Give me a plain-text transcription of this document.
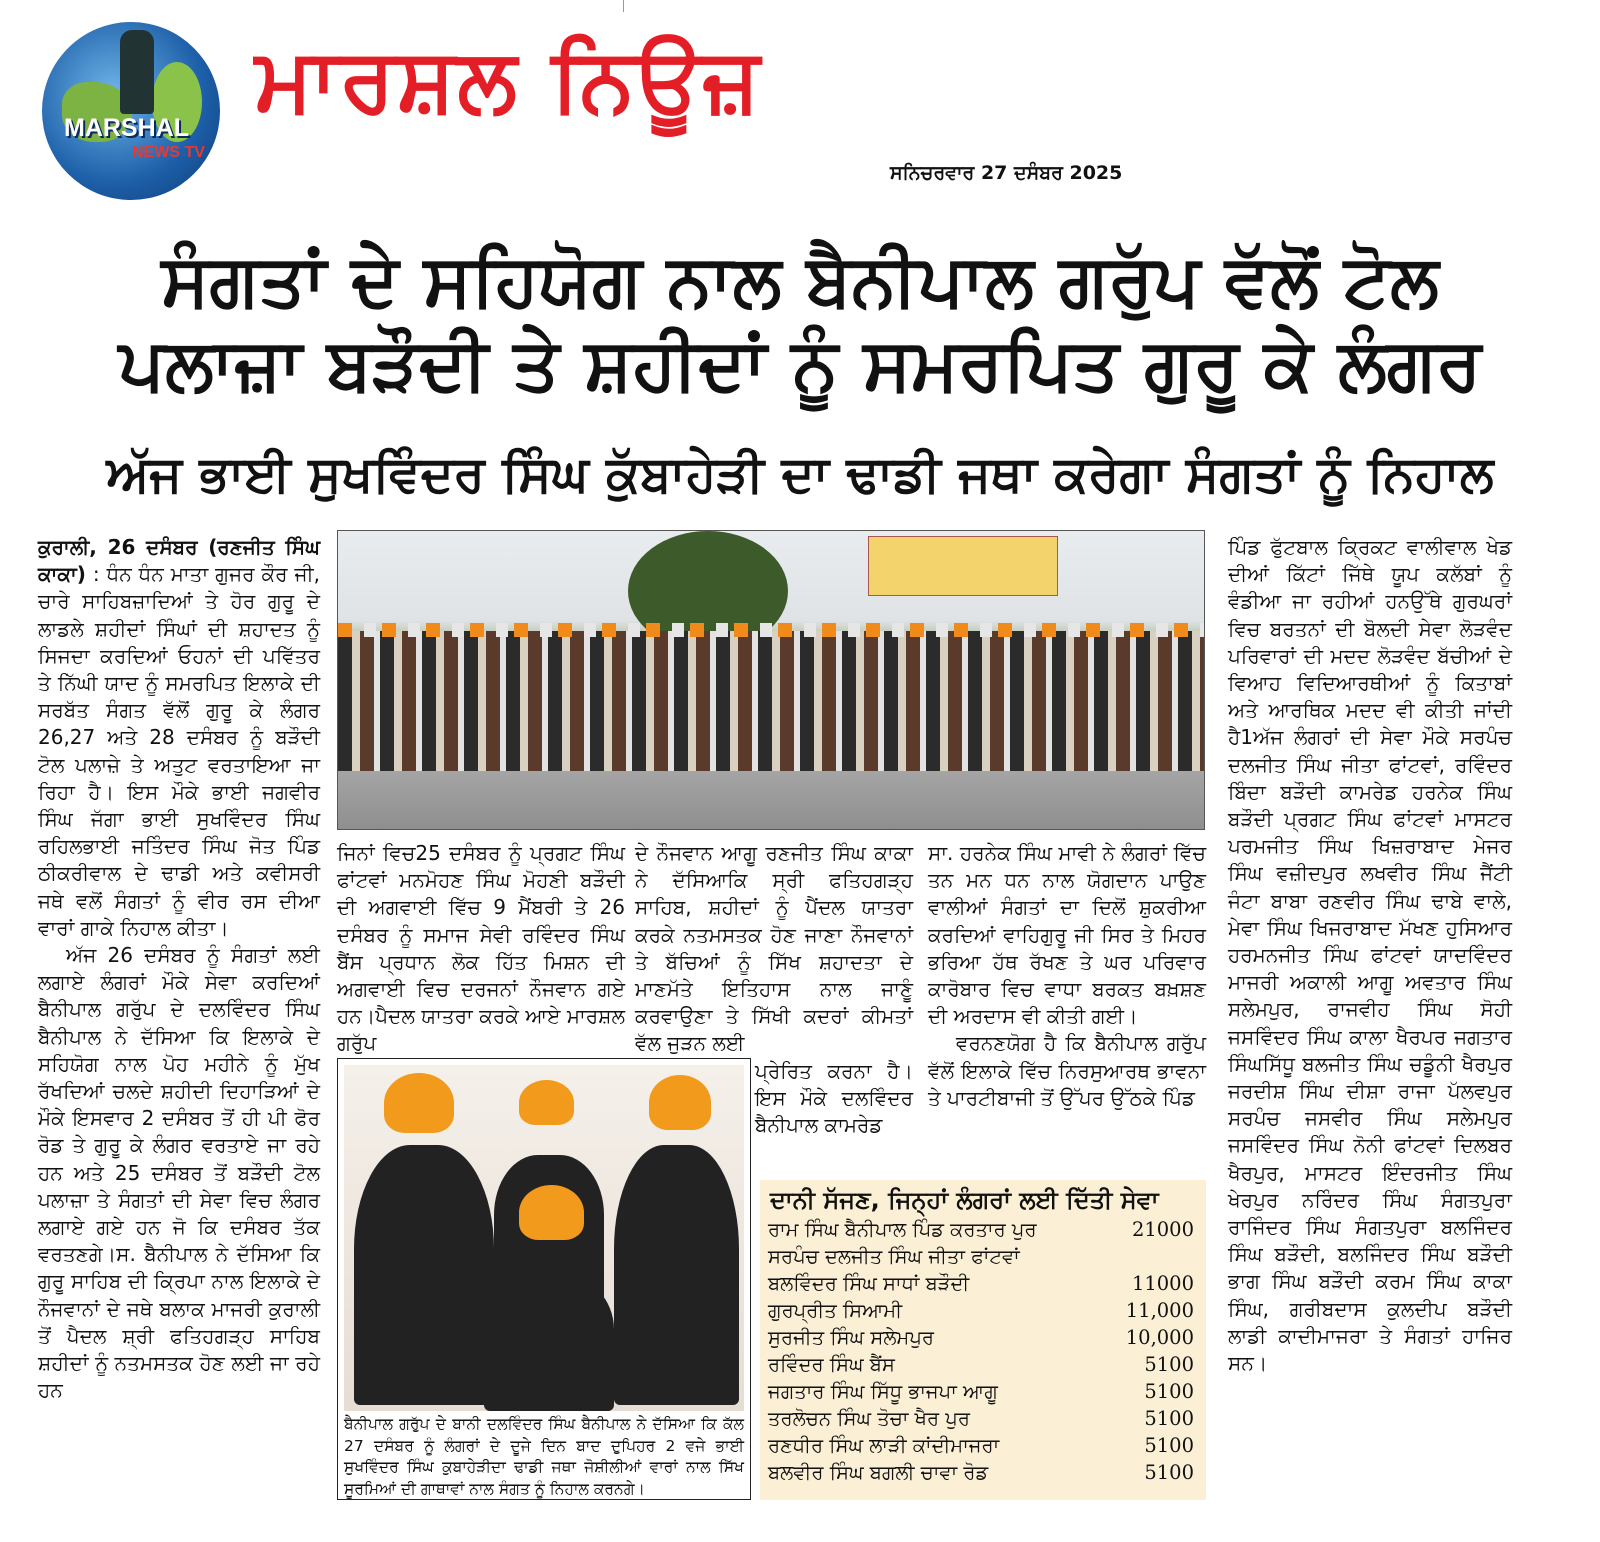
MARSHAL
NEWS TV
ਮਾਰਸ਼ਲ ਨਿਊਜ਼
ਸਨਿਚਰਵਾਰ 27 ਦਸੰਬਰ 2025
ਸੰਗਤਾਂ ਦੇ ਸਹਿਯੋਗ ਨਾਲ ਬੈਨੀਪਾਲ ਗਰੁੱਪ ਵੱਲੋਂ ਟੋਲ
ਪਲਾਜ਼ਾ ਬੜੌਦੀ ਤੇ ਸ਼ਹੀਦਾਂ ਨੂੰ ਸਮਰਪਿਤ ਗੁਰੂ ਕੇ ਲੰਗਰ
ਅੱਜ ਭਾਈ ਸੁਖਵਿੰਦਰ ਸਿੰਘ ਕੁੱਬਾਹੇੜੀ ਦਾ ਢਾਡੀ ਜਥਾ ਕਰੇਗਾ ਸੰਗਤਾਂ ਨੂੰ ਨਿਹਾਲ

ਕੁਰਾਲੀ, 26 ਦਸੰਬਰ (ਰਣਜੀਤ ਸਿੰਘ ਕਾਕਾ) : ਧੰਨ ਧੰਨ ਮਾਤਾ ਗੁਜਰ ਕੌਰ ਜੀ, ਚਾਰੇ ਸਾਹਿਬਜ਼ਾਦਿਆਂ ਤੇ ਹੋਰ ਗੁਰੂ ਦੇ ਲਾਡਲੇ ਸ਼ਹੀਦਾਂ ਸਿੰਘਾਂ ਦੀ ਸ਼ਹਾਦਤ ਨੂੰ ਸਿਜਦਾ ਕਰਦਿਆਂ ਓਹਨਾਂ ਦੀ ਪਵਿੱਤਰ ਤੇ ਨਿੱਘੀ ਯਾਦ ਨੂੰ ਸਮਰਪਿਤ ਇਲਾਕੇ ਦੀ ਸਰਬੱਤ ਸੰਗਤ ਵੱਲੋਂ ਗੁਰੂ ਕੇ ਲੰਗਰ 26,27 ਅਤੇ 28 ਦਸੰਬਰ ਨੂੰ ਬੜੌਦੀ ਟੋਲ ਪਲਾਜ਼ੇ ਤੇ ਅਤੁਟ ਵਰਤਾਇਆ ਜਾ ਰਿਹਾ ਹੈ। ਇਸ ਮੌਕੇ ਭਾਈ ਜਗਵੀਰ ਸਿੰਘ ਜੱਗਾ ਭਾਈ ਸੁਖਵਿੰਦਰ ਸਿੰਘ ਰਹਿਲਭਾਈ ਜਤਿੰਦਰ ਸਿੰਘ ਜੋਤ ਪਿੰਡ ਠੀਕਰੀਵਾਲ ਦੇ ਢਾਡੀ ਅਤੇ ਕਵੀਸਰੀ ਜਥੇ ਵਲੋਂ ਸੰਗਤਾਂ ਨੂੰ ਵੀਰ ਰਸ ਦੀਆ ਵਾਰਾਂ ਗਾਕੇ ਨਿਹਾਲ ਕੀਤਾ।

ਅੱਜ 26 ਦਸੰਬਰ ਨੂੰ ਸੰਗਤਾਂ ਲਈ ਲਗਾਏ ਲੰਗਰਾਂ ਮੌਕੇ ਸੇਵਾ ਕਰਦਿਆਂ ਬੈਨੀਪਾਲ ਗਰੁੱਪ ਦੇ ਦਲਵਿੰਦਰ ਸਿੰਘ ਬੈਨੀਪਾਲ ਨੇ ਦੱਸਿਆ ਕਿ ਇਲਾਕੇ ਦੇ ਸਹਿਯੋਗ ਨਾਲ ਪੋਹ ਮਹੀਨੇ ਨੂੰ ਮੁੱਖ ਰੱਖਦਿਆਂ ਚਲਦੇ ਸ਼ਹੀਦੀ ਦਿਹਾੜਿਆਂ ਦੇ ਮੌਕੇ ਇਸਵਾਰ 2 ਦਸੰਬਰ ਤੋਂ ਹੀ ਪੀ ਫੋਰ ਰੋਡ ਤੇ ਗੁਰੂ ਕੇ ਲੰਗਰ ਵਰਤਾਏ ਜਾ ਰਹੇ ਹਨ ਅਤੇ 25 ਦਸੰਬਰ ਤੋਂ ਬੜੌਦੀ ਟੋਲ ਪਲਾਜ਼ਾ ਤੇ ਸੰਗਤਾਂ ਦੀ ਸੇਵਾ ਵਿਚ ਲੰਗਰ ਲਗਾਏ ਗਏ ਹਨ ਜੋ ਕਿ ਦਸੰਬਰ ਤੱਕ ਵਰਤਣਗੇ।ਸ. ਬੈਨੀਪਾਲ ਨੇ ਦੱਸਿਆ ਕਿ ਗੁਰੂ ਸਾਹਿਬ ਦੀ ਕ੍ਰਿਪਾ ਨਾਲ ਇਲਾਕੇ ਦੇ ਨੌਜਵਾਨਾਂ ਦੇ ਜਥੇ ਬਲਾਕ ਮਾਜਰੀ ਕੁਰਾਲੀ ਤੋਂ ਪੈਦਲ ਸ਼੍ਰੀ ਫਤਿਹਗੜ੍ਹ ਸਾਹਿਬ ਸ਼ਹੀਦਾਂ ਨੂੰ ਨਤਮਸਤਕ ਹੋਣ ਲਈ ਜਾ ਰਹੇ ਹਨ

ਜਿਨਾਂ ਵਿਚ25 ਦਸੰਬਰ ਨੂੰ ਪ੍ਰਗਟ ਸਿੰਘ ਫਾਂਟਵਾਂ ਮਨਮੋਹਣ ਸਿੰਘ ਮੋਹਣੀ ਬੜੌਦੀ ਦੀ ਅਗਵਾਈ ਵਿੱਚ 9 ਮੈਂਬਰੀ ਤੇ 26 ਦਸੰਬਰ ਨੂੰ ਸਮਾਜ ਸੇਵੀ ਰਵਿੰਦਰ ਸਿੰਘ ਬੈਂਸ ਪ੍ਰਧਾਨ ਲੋਕ ਹਿੱਤ ਮਿਸ਼ਨ ਦੀ ਅਗਵਾਈ ਵਿਚ ਦਰਜਨਾਂ ਨੌਜਵਾਨ ਗਏ ਹਨ।ਪੈਦਲ ਯਾਤਰਾ ਕਰਕੇ ਆਏ ਮਾਰਸ਼ਲ ਗਰੁੱਪ
ਦੇ ਨੌਜਵਾਨ ਆਗੂ ਰਣਜੀਤ ਸਿੰਘ ਕਾਕਾ ਨੇ ਦੱਸਿਆਕਿ ਸ੍ਰੀ ਫਤਿਹਗੜ੍ਹ ਸਾਹਿਬ, ਸ਼ਹੀਦਾਂ ਨੂੰ ਪੈਂਦਲ ਯਾਤਰਾ ਕਰਕੇ ਨਤਮਸਤਕ ਹੋਣ ਜਾਣਾ ਨੌਜਵਾਨਾਂ ਤੇ ਬੱਚਿਆਂ ਨੂੰ ਸਿੱਖ ਸ਼ਹਾਦਤਾ ਦੇ ਮਾਣਮੱਤੇ ਇਤਿਹਾਸ ਨਾਲ ਜਾਣੂੰ ਕਰਵਾਉਣਾ ਤੇ ਸਿੱਖੀ ਕਦਰਾਂ ਕੀਮਤਾਂ ਵੱਲ ਜੁੜਨ ਲਈ
ਪ੍ਰੇਰਿਤ ਕਰਨਾ ਹੈ। ਇਸ ਮੌਕੇ ਦਲਵਿੰਦਰ ਬੈਨੀਪਾਲ ਕਾਮਰੇਡ

ਸਾ. ਹਰਨੇਕ ਸਿੰਘ ਮਾਵੀ ਨੇ ਲੰਗਰਾਂ ਵਿੱਚ ਤਨ ਮਨ ਧਨ ਨਾਲ ਯੋਗਦਾਨ ਪਾਉਣ ਵਾਲੀਆਂ ਸੰਗਤਾਂ ਦਾ ਦਿਲੋਂ ਸ਼ੁਕਰੀਆ ਕਰਦਿਆਂ ਵਾਹਿਗੁਰੂ ਜੀ ਸਿਰ ਤੇ ਮਿਹਰ ਭਰਿਆ ਹੱਥ ਰੱਖਣ ਤੇ ਘਰ ਪਰਿਵਾਰ ਕਾਰੋਬਾਰ ਵਿਚ ਵਾਧਾ ਬਰਕਤ ਬਖ਼ਸ਼ਣ ਦੀ ਅਰਦਾਸ ਵੀ ਕੀਤੀ ਗਈ।

ਵਰਨਣਯੋਗ ਹੈ ਕਿ ਬੈਨੀਪਾਲ ਗਰੁੱਪ ਵੱਲੋਂ ਇਲਾਕੇ ਵਿੱਚ ਨਿਰਸੁਆਰਥ ਭਾਵਨਾ ਤੇ ਪਾਰਟੀਬਾਜੀ ਤੋਂ ਉੱਪਰ ਉੱਠਕੇ ਪਿੰਡ

ਪਿੰਡ ਫੁੱਟਬਾਲ ਕ੍ਰਿਕਟ ਵਾਲੀਵਾਲ ਖੇਡ ਦੀਆਂ ਕਿੱਟਾਂ ਜਿੱਥੇ ਯੂਪ ਕਲੱਬਾਂ ਨੂੰ ਵੰਡੀਆ ਜਾ ਰਹੀਆਂ ਹਨਉੱਥੇ ਗੁਰਘਰਾਂ ਵਿਚ ਬਰਤਨਾਂ ਦੀ ਬੋਲਦੀ ਸੇਵਾ ਲੋੜਵੰਦ ਪਰਿਵਾਰਾਂ ਦੀ ਮਦਦ ਲੋੜਵੰਦ ਬੱਚੀਆਂ ਦੇ ਵਿਆਹ ਵਿਦਿਆਰਥੀਆਂ ਨੂੰ ਕਿਤਾਬਾਂ ਅਤੇ ਆਰਥਿਕ ਮਦਦ ਵੀ ਕੀਤੀ ਜਾਂਦੀ ਹੈ1ਅੱਜ ਲੰਗਰਾਂ ਦੀ ਸੇਵਾ ਮੌਕੇ ਸਰਪੰਚ ਦਲਜੀਤ ਸਿੰਘ ਜੀਤਾ ਫਾਂਟਵਾਂ, ਰਵਿੰਦਰ ਬਿੰਦਾ ਬੜੌਦੀ ਕਾਮਰੇਡ ਹਰਨੇਕ ਸਿੰਘ ਬੜੌਦੀ ਪ੍ਰਗਟ ਸਿੰਘ ਫਾਂਟਵਾਂ ਮਾਸਟਰ ਪਰਮਜੀਤ ਸਿੰਘ ਖਿਜ਼ਰਾਬਾਦ ਮੇਜਰ ਸਿੰਘ ਵਜ਼ੀਦਪੁਰ ਲਖਵੀਰ ਸਿੰਘ ਜੈਂਟੀ ਜੰਟਾ ਬਾਬਾ ਰਣਵੀਰ ਸਿੰਘ ਢਾਬੇ ਵਾਲੇ, ਮੇਵਾ ਸਿੰਘ ਖਿਜਰਾਬਾਦ ਮੱਖਣ ਹੁਸਿਆਰ ਹਰਮਨਜੀਤ ਸਿੰਘ ਫਾਂਟਵਾਂ ਯਾਦਵਿੰਦਰ ਮਾਜਰੀ ਅਕਾਲੀ ਆਗੂ ਅਵਤਾਰ ਸਿੰਘ ਸਲੇਮਪੁਰ, ਰਾਜਵੀਹ ਸਿੰਘ ਸੋਹੀ ਜਸਵਿੰਦਰ ਸਿੰਘ ਕਾਲਾ ਖੈਰਪਰ ਜਗਤਾਰ ਸਿੰਘਸਿੱਧੂ ਬਲਜੀਤ ਸਿੰਘ ਚਡੂੰਨੀ ਖੈਰਪੁਰ ਜਰਦੀਸ਼ ਸਿੰਘ ਦੀਸ਼ਾ ਰਾਜਾ ਪੱਲਵਪੁਰ ਸਰਪੰਚ ਜਸਵੀਰ ਸਿੰਘ ਸਲੇਮਪੁਰ ਜਸਵਿੰਦਰ ਸਿੰਘ ਨੋਨੀ ਫਾਂਟਵਾਂ ਦਿਲਬਰ ਖੈਰਪੁਰ, ਮਾਸਟਰ ਇੰਦਰਜੀਤ ਸਿੰਘ ਖੇਰਪੁਰ ਨਰਿੰਦਰ ਸਿੰਘ ਸੰਗਤਪੁਰਾ ਰਾਜਿੰਦਰ ਸਿੰਘ ਸੰਗਤਪੁਰਾ ਬਲਜਿੰਦਰ ਸਿੰਘ ਬੜੌਦੀ, ਬਲਜਿੰਦਰ ਸਿੰਘ ਬੜੌਦੀ ਭਾਗ ਸਿੰਘ ਬੜੌਦੀ ਕਰਮ ਸਿੰਘ ਕਾਕਾ ਸਿੰਘ, ਗਰੀਬਦਾਸ ਕੁਲਦੀਪ ਬੜੌਦੀ ਲਾਡੀ ਕਾਦੀਮਾਜਰਾ ਤੇ ਸੰਗਤਾਂ ਹਾਜਿਰ ਸਨ।
ਬੈਨੀਪਾਲ ਗਰੁੱਪ ਦੇ ਬਾਨੀ ਦਲਵਿੰਦਰ ਸਿੰਘ ਬੈਨੀਪਾਲ ਨੇ ਦੱਸਿਆ ਕਿ ਕੱਲ 27 ਦਸੰਬਰ ਨੂੰ ਲੰਗਰਾਂ ਦੇ ਦੂਜੇ ਦਿਨ ਬਾਦ ਦੁਪਿਹਰ 2 ਵਜੇ ਭਾਈ ਸੁਖਵਿੰਦਰ ਸਿੰਘ ਕੁਬਾਹੇੜੀਦਾ ਢਾਡੀ ਜਥਾ ਜੋਸ਼ੀਲੀਆਂ ਵਾਰਾਂ ਨਾਲ ਸਿੱਖ ਸੂਰਮਿਆਂ ਦੀ ਗਾਥਾਵਾਂ ਨਾਲ ਸੰਗਤ ਨੂੰ ਨਿਹਾਲ ਕਰਨਗੇ।
ਦਾਨੀ ਸੱਜਣ, ਜਿਨ੍ਹਾਂ ਲੰਗਰਾਂ ਲਈ ਦਿੱਤੀ ਸੇਵਾ
ਰਾਮ ਸਿੰਘ ਬੈਨੀਪਾਲ ਪਿੰਡ ਕਰਤਾਰ ਪੁਰ	21000
ਸਰਪੰਚ ਦਲਜੀਤ ਸਿੰਘ ਜੀਤਾ ਫਾਂਟਵਾਂ
ਬਲਵਿੰਦਰ ਸਿੰਘ ਸਾਧਾਂ ਬੜੌਦੀ	11000
ਗੁਰਪ੍ਰੀਤ ਸਿਆਮੀ	11,000
ਸੁਰਜੀਤ ਸਿੰਘ ਸਲੇਮਪੁਰ	10,000
ਰਵਿੰਦਰ ਸਿੰਘ ਬੈਂਸ	5100
ਜਗਤਾਰ ਸਿੰਘ ਸਿੱਧੂ ਭਾਜਪਾ ਆਗੂ	5100
ਤਰਲੋਚਨ ਸਿੰਘ ਤੋਚਾ ਖੈਰ ਪੁਰ	5100
ਰਣਧੀਰ ਸਿੰਘ ਲਾੜੀ ਕਾਂਦੀਮਾਜਰਾ	5100
ਬਲਵੀਰ ਸਿੰਘ ਬਗਲੀ ਚਾਵਾ ਰੋਡ	5100
